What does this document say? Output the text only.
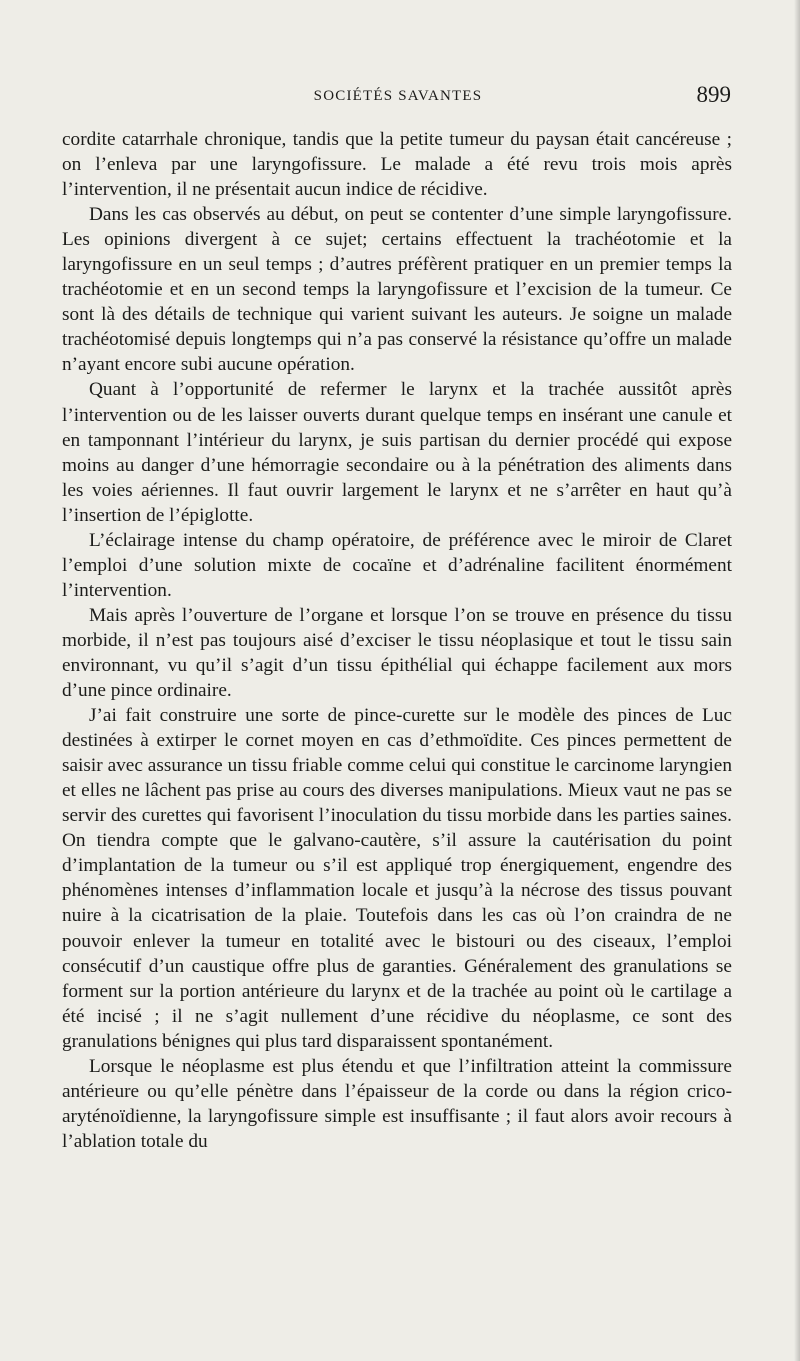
SOCIÉTÉS SAVANTES	899

cordite catarrhale chronique, tandis que la petite tumeur du paysan était cancéreuse ; on l’enleva par une laryngofissure. Le malade a été revu trois mois après l’intervention, il ne présentait aucun indice de récidive.

Dans les cas observés au début, on peut se contenter d’une simple laryngofissure. Les opinions divergent à ce sujet; certains effectuent la trachéotomie et la laryngofissure en un seul temps ; d’autres préfèrent pratiquer en un premier temps la trachéotomie et en un second temps la laryngofissure et l’excision de la tumeur. Ce sont là des détails de technique qui varient suivant les auteurs. Je soigne un malade trachéotomisé depuis longtemps qui n’a pas conservé la résistance qu’offre un malade n’ayant encore subi aucune opération.

Quant à l’opportunité de refermer le larynx et la trachée aussitôt après l’intervention ou de les laisser ouverts durant quelque temps en insérant une canule et en tamponnant l’intérieur du larynx, je suis partisan du dernier procédé qui expose moins au danger d’une hémorragie secondaire ou à la pénétration des aliments dans les voies aériennes. Il faut ouvrir largement le larynx et ne s’arrêter en haut qu’à l’insertion de l’épiglotte.

L’éclairage intense du champ opératoire, de préférence avec le miroir de Claret l’emploi d’une solution mixte de cocaïne et d’adrénaline facilitent énormément l’intervention.

Mais après l’ouverture de l’organe et lorsque l’on se trouve en présence du tissu morbide, il n’est pas toujours aisé d’exciser le tissu néoplasique et tout le tissu sain environnant, vu qu’il s’agit d’un tissu épithélial qui échappe facilement aux mors d’une pince ordinaire.

J’ai fait construire une sorte de pince-curette sur le modèle des pinces de Luc destinées à extirper le cornet moyen en cas d’ethmoïdite. Ces pinces permettent de saisir avec assurance un tissu friable comme celui qui constitue le carcinome laryngien et elles ne lâchent pas prise au cours des diverses manipulations. Mieux vaut ne pas se servir des curettes qui favorisent l’inoculation du tissu morbide dans les parties saines. On tiendra compte que le galvano-cautère, s’il assure la cautérisation du point d’implantation de la tumeur ou s’il est appliqué trop énergiquement, engendre des phénomènes intenses d’inflammation locale et jusqu’à la nécrose des tissus pouvant nuire à la cicatrisation de la plaie. Toutefois dans les cas où l’on craindra de ne pouvoir enlever la tumeur en totalité avec le bistouri ou des ciseaux, l’emploi consécutif d’un caustique offre plus de garanties. Généralement des granulations se forment sur la portion antérieure du larynx et de la trachée au point où le cartilage a été incisé ; il ne s’agit nullement d’une récidive du néoplasme, ce sont des granulations bénignes qui plus tard disparaissent spontanément.

Lorsque le néoplasme est plus étendu et que l’infiltration atteint la commissure antérieure ou qu’elle pénètre dans l’épaisseur de la corde ou dans la région crico-aryténoïdienne, la laryngofissure simple est insuffisante ; il faut alors avoir recours à l’ablation totale du
